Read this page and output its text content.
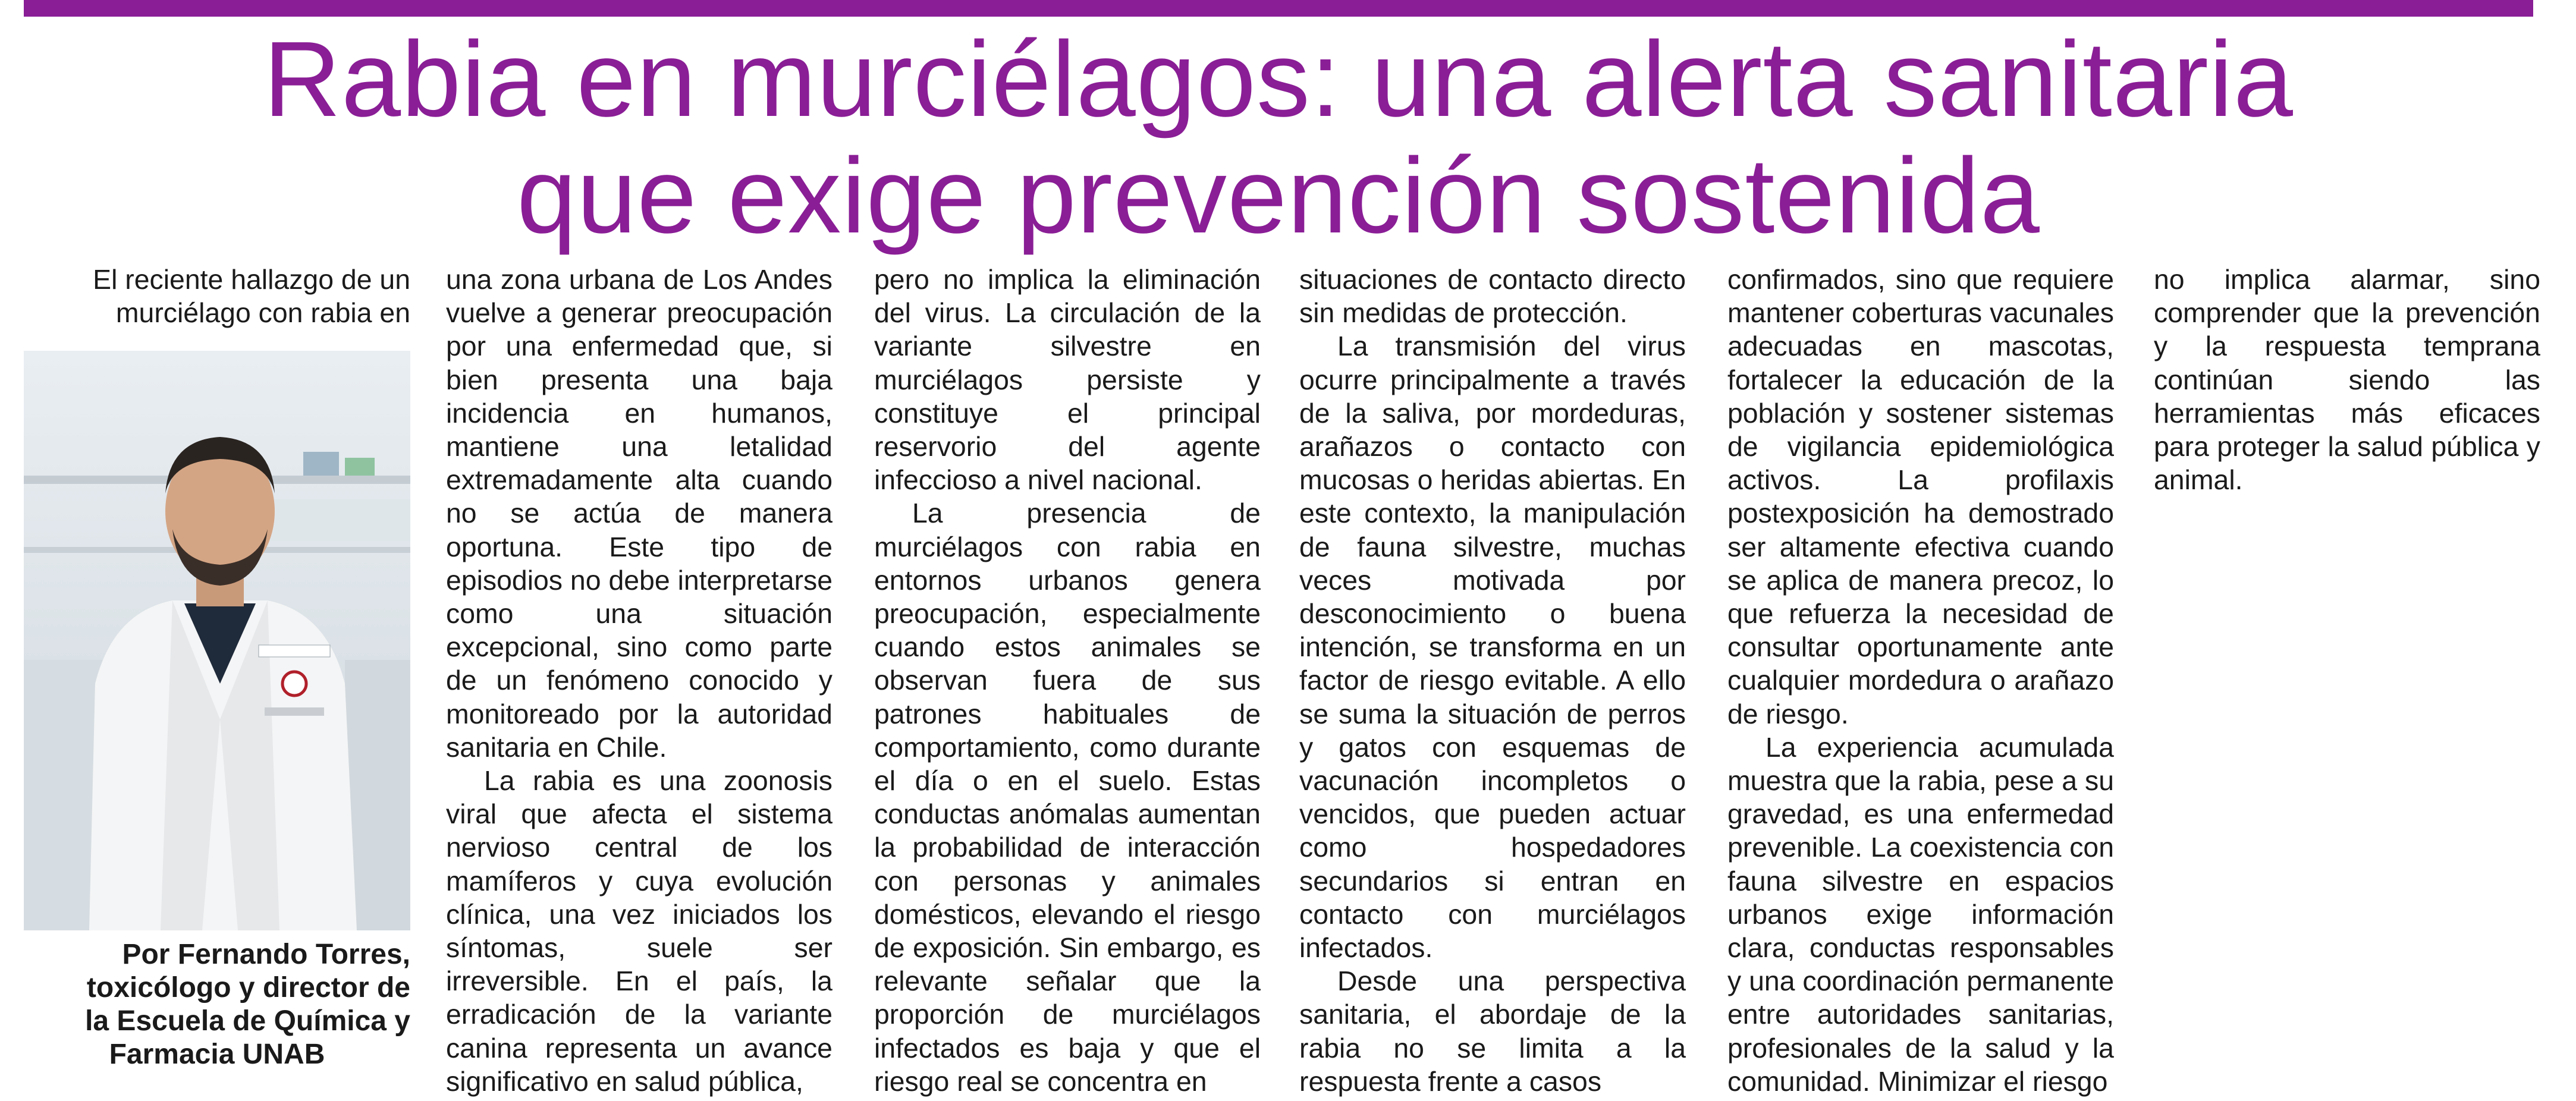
Rabia en murciélagos: una alerta sanitaria
que exige prevención sostenida

El reciente hallazgo de un murciélago con rabia en

Por Fernando Torres,
toxicólogo y director de
la Escuela de Química y
Farmacia UNAB

una zona urbana de Los Andes vuelve a generar preocupación por una enfermedad que, si bien presenta una baja incidencia en humanos, mantiene una letalidad extremadamente alta cuando no se actúa de manera oportuna. Este tipo de episodios no debe interpretarse como una situación excepcional, sino como parte de un fenómeno conocido y monitoreado por la autoridad sanitaria en Chile.

La rabia es una zoonosis viral que afecta el sistema nervioso central de los mamíferos y cuya evolución clínica, una vez iniciados los síntomas, suele ser irreversible. En el país, la erradicación de la variante canina representa un avance significativo en salud pública,

pero no implica la eliminación del virus. La circulación de la variante silvestre en murciélagos persiste y constituye el principal reservorio del agente infeccioso a nivel nacional.

La presencia de murciélagos con rabia en entornos urbanos genera preocupación, especialmente cuando estos animales se observan fuera de sus patrones habituales de comportamiento, como durante el día o en el suelo. Estas conductas anómalas aumentan la probabilidad de interacción con personas y animales domésticos, elevando el riesgo de exposición. Sin embargo, es relevante señalar que la proporción de murciélagos infectados es baja y que el riesgo real se concentra en

situaciones de contacto directo sin medidas de protección.

La transmisión del virus ocurre principalmente a través de la saliva, por mordeduras, arañazos o contacto con mucosas o heridas abiertas. En este contexto, la manipulación de fauna silvestre, muchas veces motivada por desconocimiento o buena intención, se transforma en un factor de riesgo evitable. A ello se suma la situación de perros y gatos con esquemas de vacunación incompletos o vencidos, que pueden actuar como hospedadores secundarios si entran en contacto con murciélagos infectados.

Desde una perspectiva sanitaria, el abordaje de la rabia no se limita a la respuesta frente a casos

confirmados, sino que requiere mantener coberturas vacunales adecuadas en mascotas, fortalecer la educación de la población y sostener sistemas de vigilancia epidemiológica activos. La profilaxis postexposición ha demostrado ser altamente efectiva cuando se aplica de manera precoz, lo que refuerza la necesidad de consultar oportunamente ante cualquier mordedura o arañazo de riesgo.

La experiencia acumulada muestra que la rabia, pese a su gravedad, es una enfermedad prevenible. La coexistencia con fauna silvestre en espacios urbanos exige información clara, conductas responsables y una coordinación permanente entre autoridades sanitarias, profesionales de la salud y la comunidad. Minimizar el riesgo

no implica alarmar, sino comprender que la prevención y la respuesta temprana continúan siendo las herramientas más eficaces para proteger la salud pública y animal.
